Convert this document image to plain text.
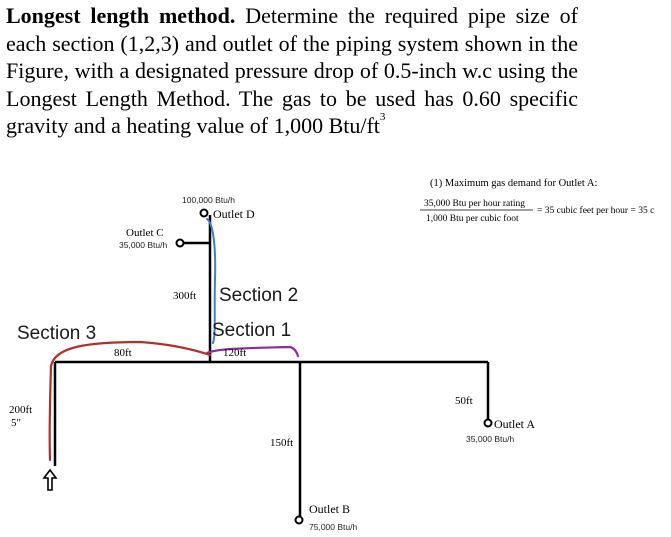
Longest length method. Determine the required pipe size of each section (1,2,3) and outlet of the piping system shown in the Figure, with a designated pressure drop of 0.5-inch w.c using the Longest Length Method. The gas to be used has 0.60 specific gravity and a heating value of 1,000 Btu/$ft^3$
(1) Maximum gas demand for Outlet A:
35,000 Btu per hour rating
1,000 Btu per cubic foot
= 35 cubic feet per hour = 35 c
100,000 Btu/h
Outlet D
Outlet C
35,000 Btu/h
Outlet A
35,000 Btu/h
Outlet B
75,000 Btu/h
300ft
80ft	120ft
200ft
5"
50ft
150ft
Section 2
Section 1
Section 3
